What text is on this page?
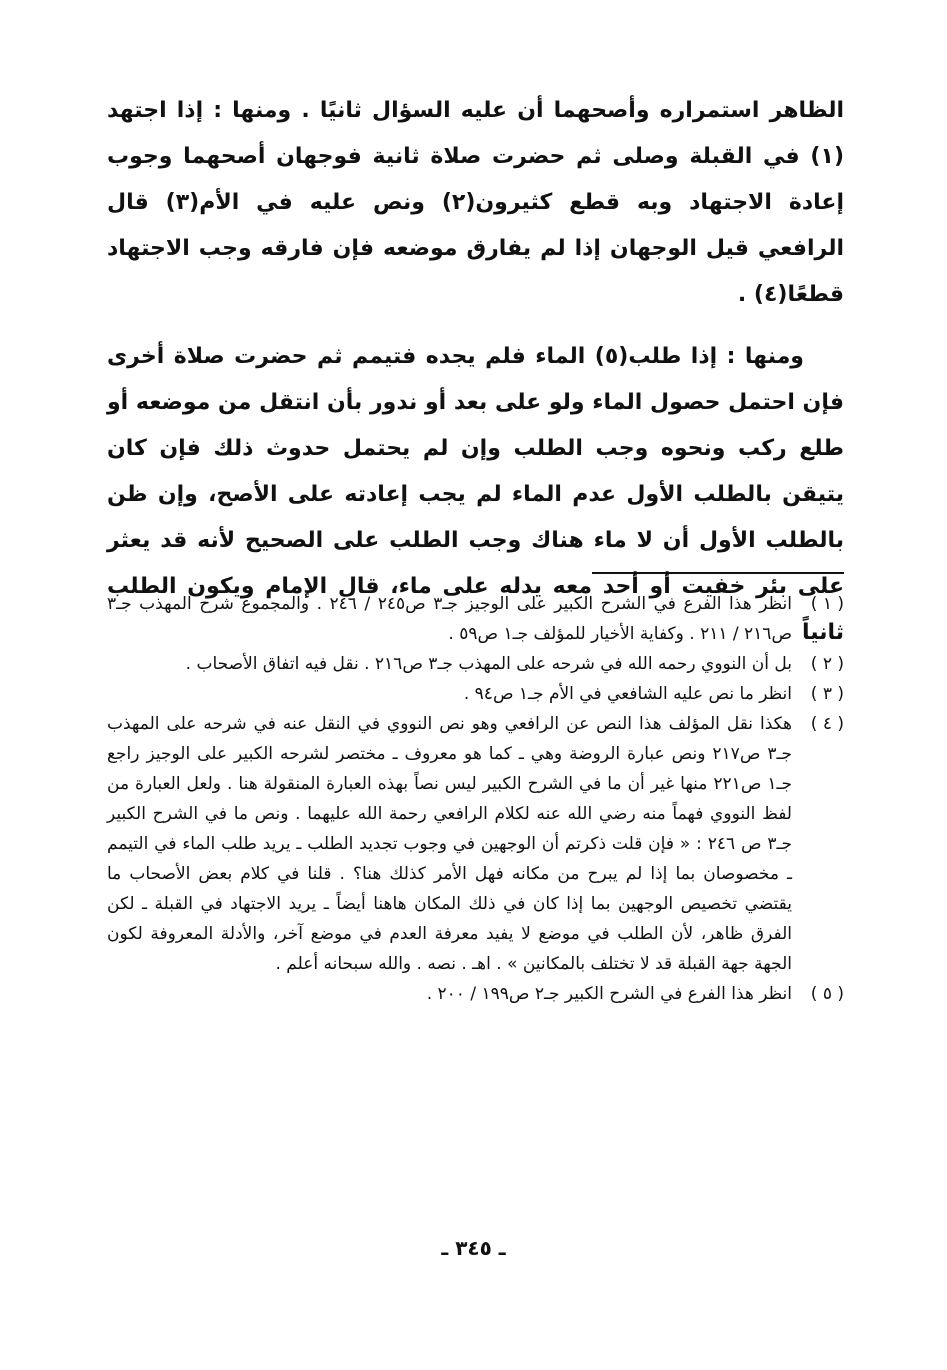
الظاهر استمراره وأصحهما أن عليه السؤال ثانيًا . ومنها : إذا اجتهد (١) في القبلة وصلى ثم حضرت صلاة ثانية فوجهان أصحهما وجوب إعادة الاجتهاد وبه قطع كثيرون(٢) ونص عليه في الأم(٣) قال الرافعي قيل الوجهان إذا لم يفارق موضعه فإن فارقه وجب الاجتهاد قطعًا(٤) .

ومنها : إذا طلب(٥) الماء فلم يجده فتيمم ثم حضرت صلاة أخرى فإن احتمل حصول الماء ولو على بعد أو ندور بأن انتقل من موضعه أو طلع ركب ونحوه وجب الطلب وإن لم يحتمل حدوث ذلك فإن كان يتيقن بالطلب الأول عدم الماء لم يجب إعادته على الأصح، وإن ظن بالطلب الأول أن لا ماء هناك وجب الطلب على الصحيح لأنه قد يعثر على بئر خفيت أو أحد معه يدله على ماء، قال الإمام ويكون الطلب ثانياً

( ١ )
انظر هذا الفرع في الشرح الكبير على الوجيز جـ٣ ص٢٤٥ / ٢٤٦ . والمجموع شرح المهذب جـ٣ ص٢١٦ / ٢١١ . وكفاية الأخيار للمؤلف جـ١ ص٥٩ .
( ٢ )
بل أن النووي رحمه الله في شرحه على المهذب جـ٣ ص٢١٦ . نقل فيه اتفاق الأصحاب .
( ٣ )
انظر ما نص عليه الشافعي في الأم جـ١ ص٩٤ .
( ٤ )
هكذا نقل المؤلف هذا النص عن الرافعي وهو نص النووي في النقل عنه في شرحه على المهذب جـ٣ ص٢١٧ ونص عبارة الروضة وهي ـ كما هو معروف ـ مختصر لشرحه الكبير على الوجيز راجع جـ١ ص٢٢١ منها غير أن ما في الشرح الكبير ليس نصاً بهذه العبارة المنقولة هنا . ولعل العبارة من لفظ النووي فهماً منه رضي الله عنه لكلام الرافعي رحمة الله عليهما . ونص ما في الشرح الكبير جـ٣ ص ٢٤٦ : « فإن قلت ذكرتم أن الوجهين في وجوب تجديد الطلب ـ يريد طلب الماء في التيمم ـ مخصوصان بما إذا لم يبرح من مكانه فهل الأمر كذلك هنا؟ . قلنا في كلام بعض الأصحاب ما يقتضي تخصيص الوجهين بما إذا كان في ذلك المكان هاهنا أيضاً ـ يريد الاجتهاد في القبلة ـ لكن الفرق ظاهر، لأن الطلب في موضع لا يفيد معرفة العدم في موضع آخر، والأدلة المعروفة لكون الجهة جهة القبلة قد لا تختلف بالمكانين » . اهـ . نصه . والله سبحانه أعلم .
( ٥ )
انظر هذا الفرع في الشرح الكبير جـ٢ ص١٩٩ / ٢٠٠ .
ـ ٣٤٥ ـ
